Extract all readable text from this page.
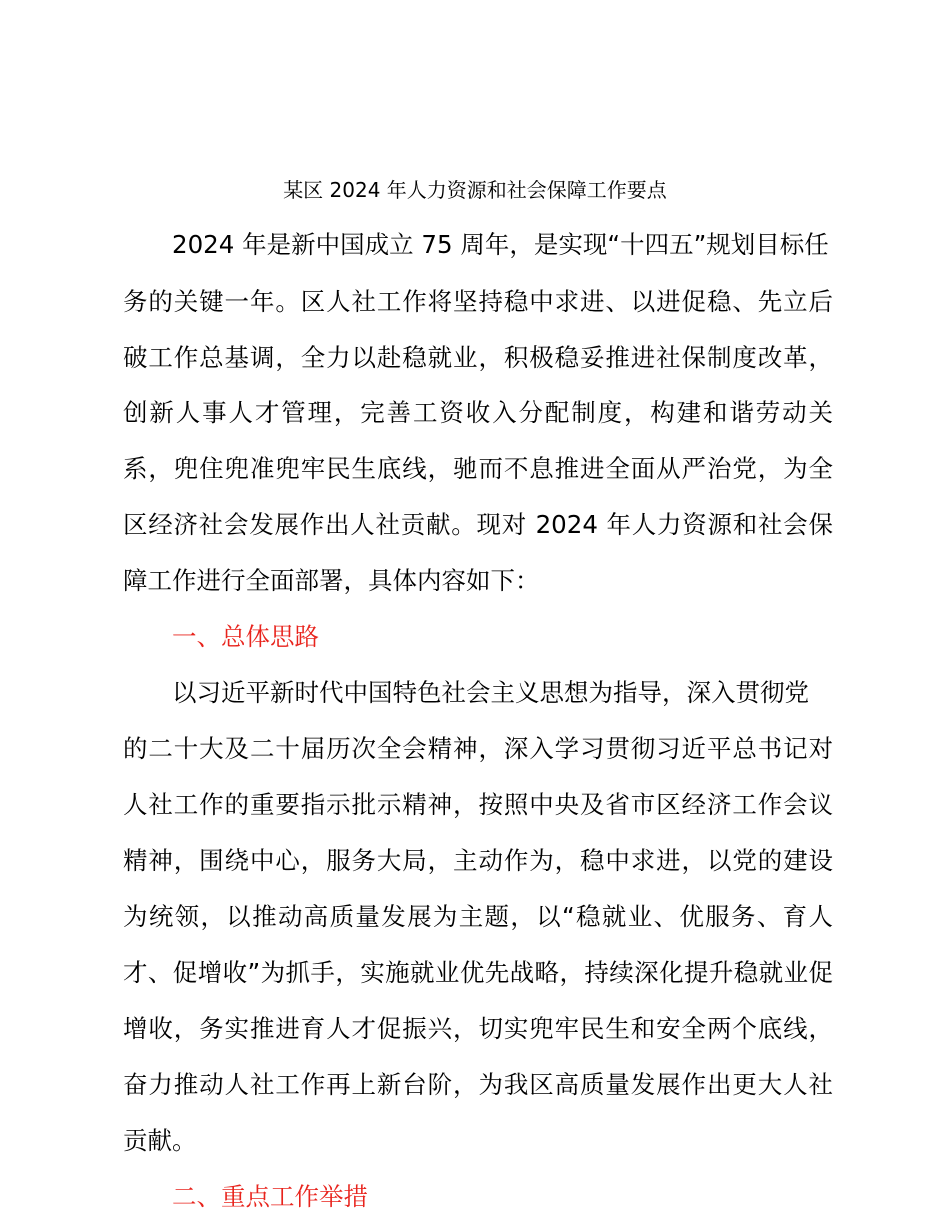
某区 2024 年人力资源和社会保障工作要点
2024 年是新中国成立 75 周年，是实现“十四五”规划目标任
务的关键一年。区人社工作将坚持稳中求进、以进促稳、先立后
破工作总基调，全力以赴稳就业，积极稳妥推进社保制度改革，
创新人事人才管理，完善工资收入分配制度，构建和谐劳动关
系，兜住兜准兜牢民生底线，驰而不息推进全面从严治党，为全
区经济社会发展作出人社贡献。现对 2024 年人力资源和社会保
障工作进行全面部署，具体内容如下：
一、总体思路
以习近平新时代中国特色社会主义思想为指导，深入贯彻党
的二十大及二十届历次全会精神，深入学习贯彻习近平总书记对
人社工作的重要指示批示精神，按照中央及省市区经济工作会议
精神，围绕中心，服务大局，主动作为，稳中求进，以党的建设
为统领，以推动高质量发展为主题，以“稳就业、优服务、育人
才、促增收”为抓手，实施就业优先战略，持续深化提升稳就业促
增收，务实推进育人才促振兴，切实兜牢民生和安全两个底线，
奋力推动人社工作再上新台阶，为我区高质量发展作出更大人社
贡献。
二、重点工作举措
